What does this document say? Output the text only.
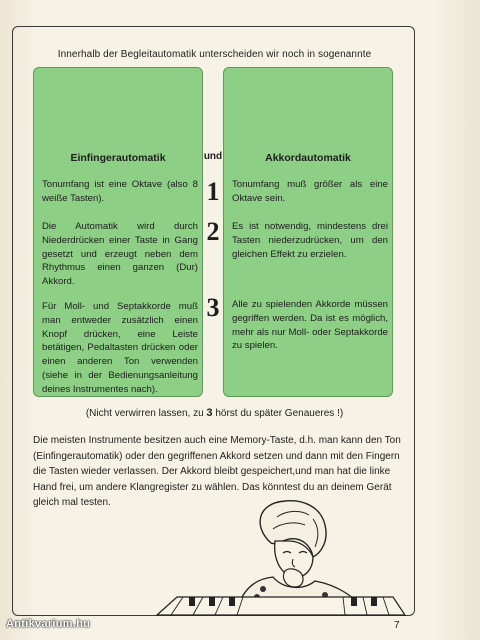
Innerhalb der Begleitautomatik unterscheiden wir noch in sogenannte
Einfingerautomatik
Tonumfang ist eine Oktave (also 8 weiße Tasten).
Die Automatik wird durch Niederdrücken einer Taste in Gang gesetzt und erzeugt neben dem Rhythmus einen ganzen (Dur) Akkord.
Für Moll- und Septakkorde muß man entweder zusätzlich einen Knopf drücken, eine Leiste betätigen, Pedaltasten drücken oder einen anderen Ton verwenden (siehe in der Bedienungsanleitung deines Instrumentes nach).
und
1
2
3
Akkordautomatik
Tonumfang muß größer als eine Oktave sein.
Es ist notwendig, mindestens drei Tasten niederzudrücken, um den gleichen Effekt zu erzielen.
Alle zu spielenden Akkorde müssen gegriffen werden. Da ist es möglich, mehr als nur Moll- oder Septakkorde zu spielen.
(Nicht verwirren lassen, zu 3 hörst du später Genaueres !)
Die meisten Instrumente besitzen auch eine Memory-Taste, d.h. man kann den Ton (Einfingerautomatik) oder den gegriffenen Akkord setzen und dann mit den Fingern die Tasten wieder verlassen. Der Akkord bleibt gespeichert,und man hat die linke Hand frei, um andere Klangregister zu wählen. Das könntest du an deinem Gerät gleich mal testen.
7
Antikvarium.hu
